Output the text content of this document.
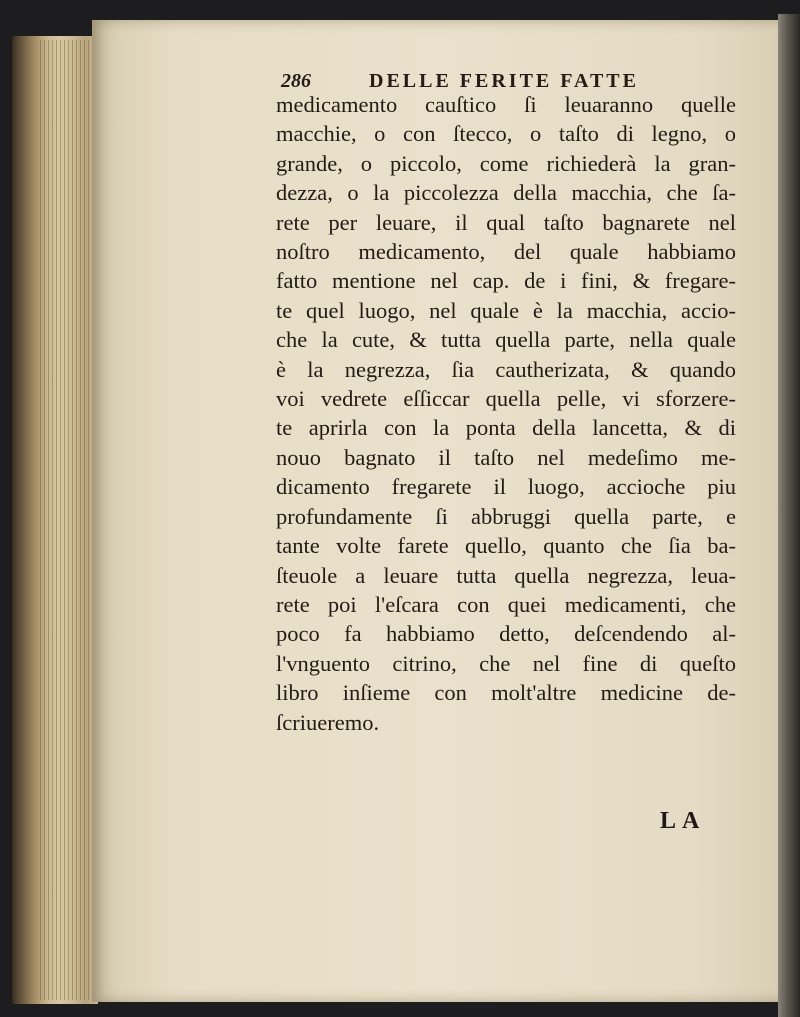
286	DELLE FERITE FATTE
medicamento cauſtico ſi leuaranno quelle
macchie, o con ſtecco, o taſto di legno, o
grande, o piccolo, come richiederà la gran-
dezza, o la piccolezza della macchia, che ſa-
rete per leuare, il qual taſto bagnarete nel
noſtro medicamento, del quale habbiamo
fatto mentione nel cap. de i fini, & fregare-
te quel luogo, nel quale è la macchia, accio-
che la cute, & tutta quella parte, nella quale
è la negrezza, ſia cautherizata, & quando
voi vedrete eſſiccar quella pelle, vi sforzere-
te aprirla con la ponta della lancetta, & di
nouo bagnato il taſto nel medeſimo me-
dicamento fregarete il luogo, accioche piu
profundamente ſi abbruggi quella parte, e
tante volte farete quello, quanto che ſia ba-
ſteuole a leuare tutta quella negrezza, leua-
rete poi l'eſcara con quei medicamenti, che
poco fa habbiamo detto, deſcendendo al-
l'vnguento citrino, che nel fine di queſto
libro inſieme con molt'altre medicine de-
ſcriueremo.
LA
